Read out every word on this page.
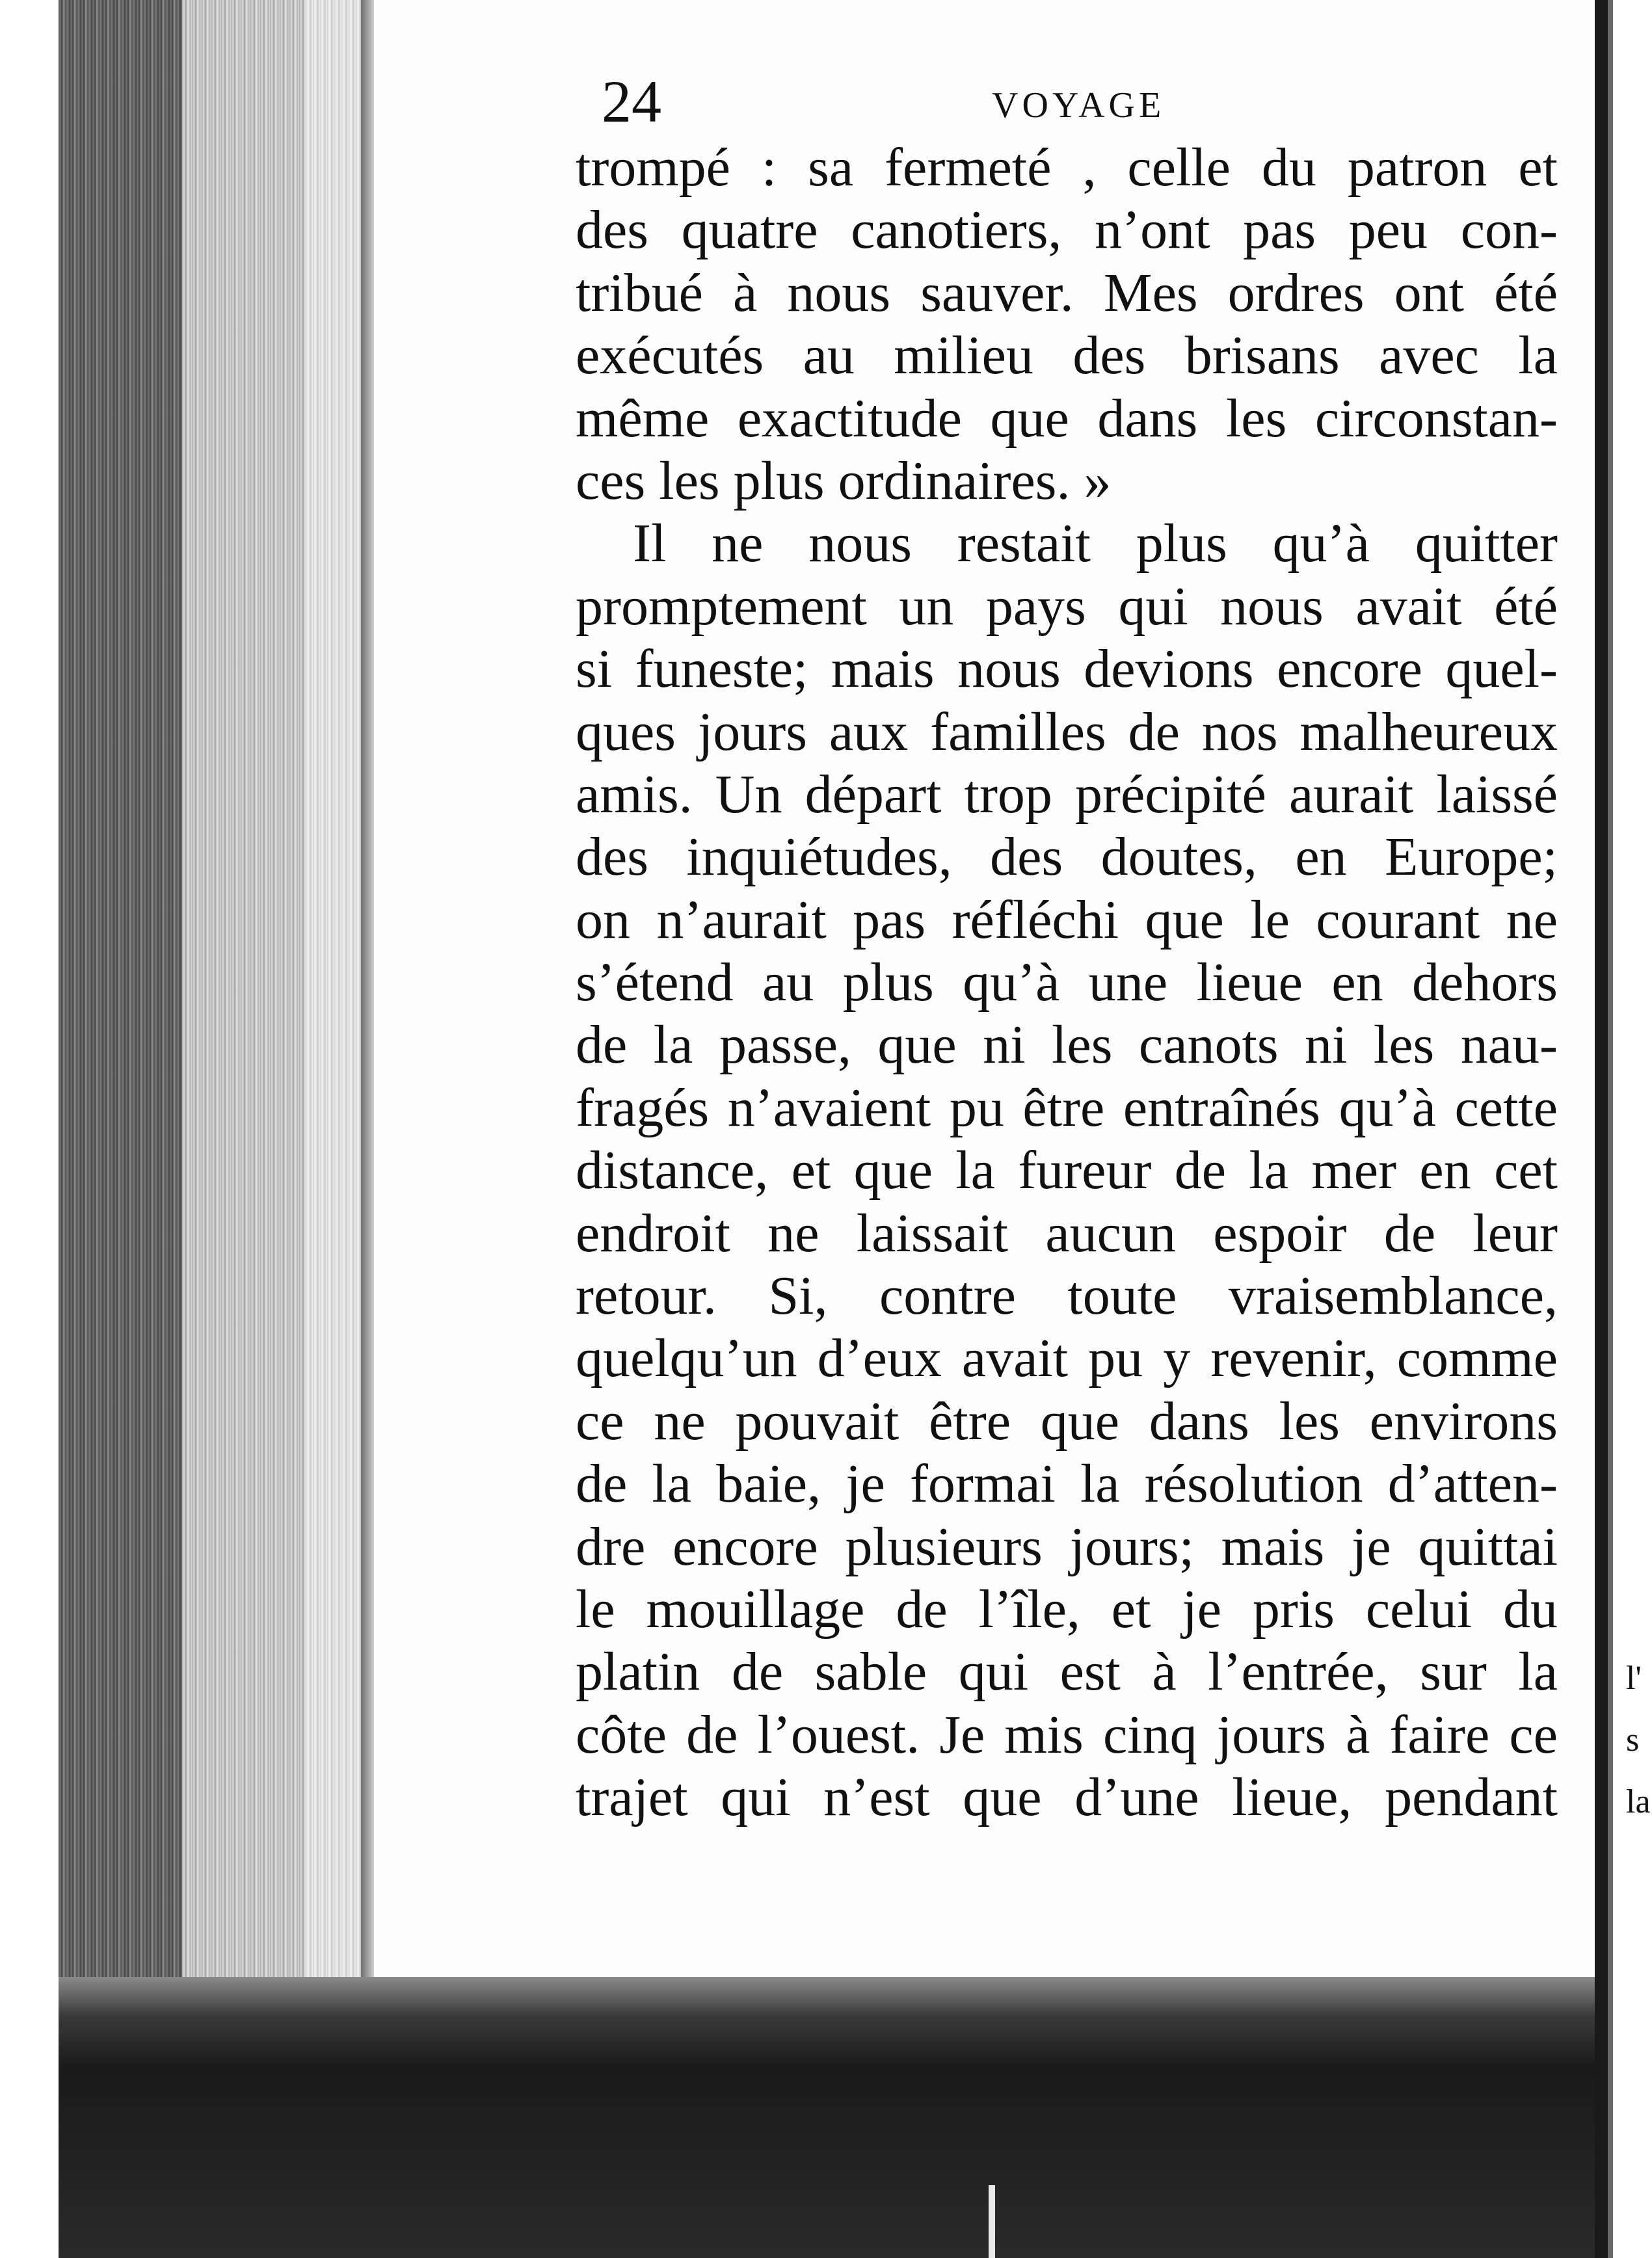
l'
s
la
24	VOYAGE
trompé : sa fermeté , celle du patron et
des quatre canotiers, n’ont pas peu con-
tribué à nous sauver. Mes ordres ont été
exécutés au milieu des brisans avec la
même exactitude que dans les circonstan-
ces les plus ordinaires. »
Il ne nous restait plus qu’à quitter
promptement un pays qui nous avait été
si funeste; mais nous devions encore quel-
ques jours aux familles de nos malheureux
amis. Un départ trop précipité aurait laissé
des inquiétudes, des doutes, en Europe;
on n’aurait pas réfléchi que le courant ne
s’étend au plus qu’à une lieue en dehors
de la passe, que ni les canots ni les nau-
fragés n’avaient pu être entraînés qu’à cette
distance, et que la fureur de la mer en cet
endroit ne laissait aucun espoir de leur
retour. Si, contre toute vraisemblance,
quelqu’un d’eux avait pu y revenir, comme
ce ne pouvait être que dans les environs
de la baie, je formai la résolution d’atten-
dre encore plusieurs jours; mais je quittai
le mouillage de l’île, et je pris celui du
platin de sable qui est à l’entrée, sur la
côte de l’ouest. Je mis cinq jours à faire ce
trajet qui n’est que d’une lieue, pendant
